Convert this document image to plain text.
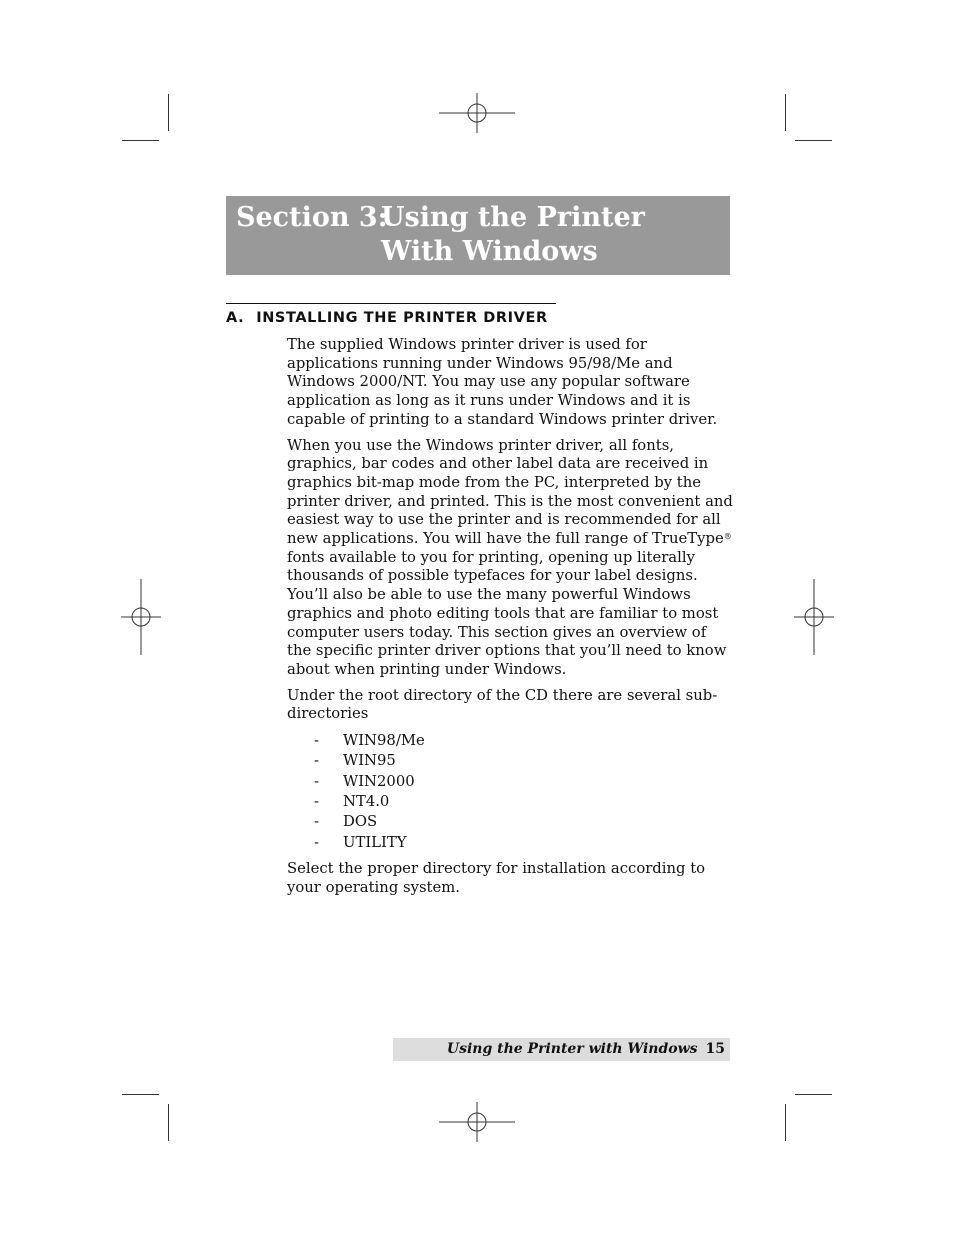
Section 3:
Using the Printer With Windows
A. INSTALLING THE PRINTER DRIVER

The supplied Windows printer driver is used for applications running under Windows 95/98/Me and Windows 2000/NT. You may use any popular software application as long as it runs under Windows and it is capable of printing to a standard Windows printer driver.

When you use the Windows printer driver, all fonts, graphics, bar codes and other label data are received in graphics bit-map mode from the PC, interpreted by the printer driver, and printed. This is the most convenient and easiest way to use the printer and is recommended for all new applications. You will have the full range of TrueType® fonts available to you for printing, opening up literally thousands of possible typefaces for your label designs. You’ll also be able to use the many powerful Windows graphics and photo editing tools that are familiar to most computer users today. This section gives an overview of the specific printer driver options that you’ll need to know about when printing under Windows.

Under the root directory of the CD there are several sub-directories

- WIN98/Me
- WIN95
- WIN2000
- NT4.0
- DOS
- UTILITY

Select the proper directory for installation according to your operating system.

Using the Printer with Windows 15
